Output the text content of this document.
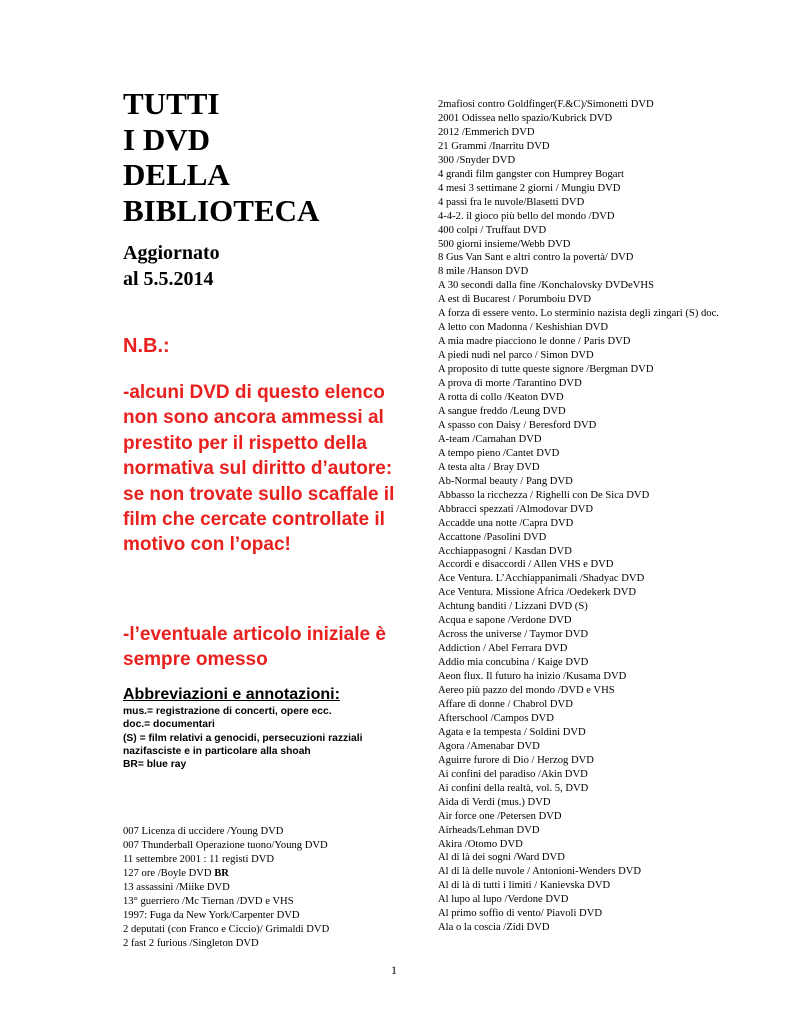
TUTTI
I DVD
DELLA
BIBLIOTECA
Aggiornato
al 5.5.2014

N.B.:

-alcuni DVD di questo elenco non sono ancora ammessi al prestito per il rispetto della normativa sul diritto d’autore: se non trovate sullo scaffale il film che cercate controllate il motivo con l’opac!

-l’eventuale articolo iniziale è sempre omesso

Abbreviazioni e annotazioni:

mus.= registrazione di concerti, opere ecc.
doc.= documentari
(S) = film relativi a genocidi, persecuzioni razziali nazifasciste e in particolare alla shoah
BR= blue ray
007 Licenza di uccidere /Young DVD
007 Thunderball Operazione tuono/Young DVD
11 settembre 2001 : 11 registi DVD
127 ore /Boyle DVD BR
13 assassini /Miike DVD
13° guerriero /Mc Tiernan /DVD e VHS
1997: Fuga da New York/Carpenter DVD
2 deputati (con Franco e Ciccio)/ Grimaldi DVD
2 fast 2 furious /Singleton DVD
2mafiosi contro Goldfinger(F.&C)/Simonetti DVD
2001 Odissea nello spazio/Kubrick DVD
2012 /Emmerich DVD
21 Grammi /Inarritu DVD
300 /Snyder DVD
4 grandi film gangster con Humprey Bogart
4 mesi 3 settimane 2 giorni / Mungiu DVD
4 passi fra le nuvole/Blasetti DVD
4-4-2. il gioco più bello del mondo /DVD
400 colpi / Truffaut DVD
500 giorni insieme/Webb DVD
8 Gus Van Sant e altri contro la povertà/ DVD
8 mile /Hanson DVD
A 30 secondi dalla fine /Konchalovsky DVDeVHS
A est di Bucarest / Porumboiu DVD
A forza di essere vento. Lo sterminio nazista degli zingari (S) doc.
A letto con Madonna / Keshishian DVD
A mia madre piacciono le donne / Paris DVD
A piedi nudi nel parco / Simon DVD
A proposito di tutte queste signore /Bergman DVD
A prova di morte /Tarantino DVD
A rotta di collo /Keaton DVD
A sangue freddo /Leung DVD
A spasso con Daisy / Beresford DVD
A-team /Carnahan DVD
A tempo pieno /Cantet DVD
A testa alta / Bray DVD
Ab-Normal beauty / Pang DVD
Abbasso la ricchezza / Righelli con De Sica DVD
Abbracci spezzati /Almodovar DVD
Accadde una notte /Capra DVD
Accattone /Pasolini DVD
Acchiappasogni / Kasdan DVD
Accordi e disaccordi / Allen VHS e DVD
Ace Ventura. L’Acchiappanimali /Shadyac DVD
Ace Ventura. Missione Africa /Oedekerk DVD
Achtung banditi / Lizzani DVD (S)
Acqua e sapone /Verdone DVD
Across the universe / Taymor DVD
Addiction / Abel Ferrara DVD
Addio mia concubina / Kaige DVD
Aeon flux. Il futuro ha inizio /Kusama DVD
Aereo più pazzo del mondo /DVD e VHS
Affare di donne / Chabrol DVD
Afterschool /Campos DVD
Agata e la tempesta / Soldini DVD
Agora /Amenabar DVD
Aguirre furore di Dio / Herzog DVD
Ai confini del paradiso /Akin DVD
Ai confini della realtà, vol. 5, DVD
Aida di Verdi (mus.) DVD
Air force one /Petersen DVD
Airheads/Lehman DVD
Akira /Otomo DVD
Al di là dei sogni /Ward DVD
Al di là delle nuvole / Antonioni-Wenders DVD
Al di là di tutti i limiti / Kanievska DVD
Al lupo al lupo /Verdone DVD
Al primo soffio di vento/ Piavoli DVD
Ala o la coscia /Zidi DVD

1
